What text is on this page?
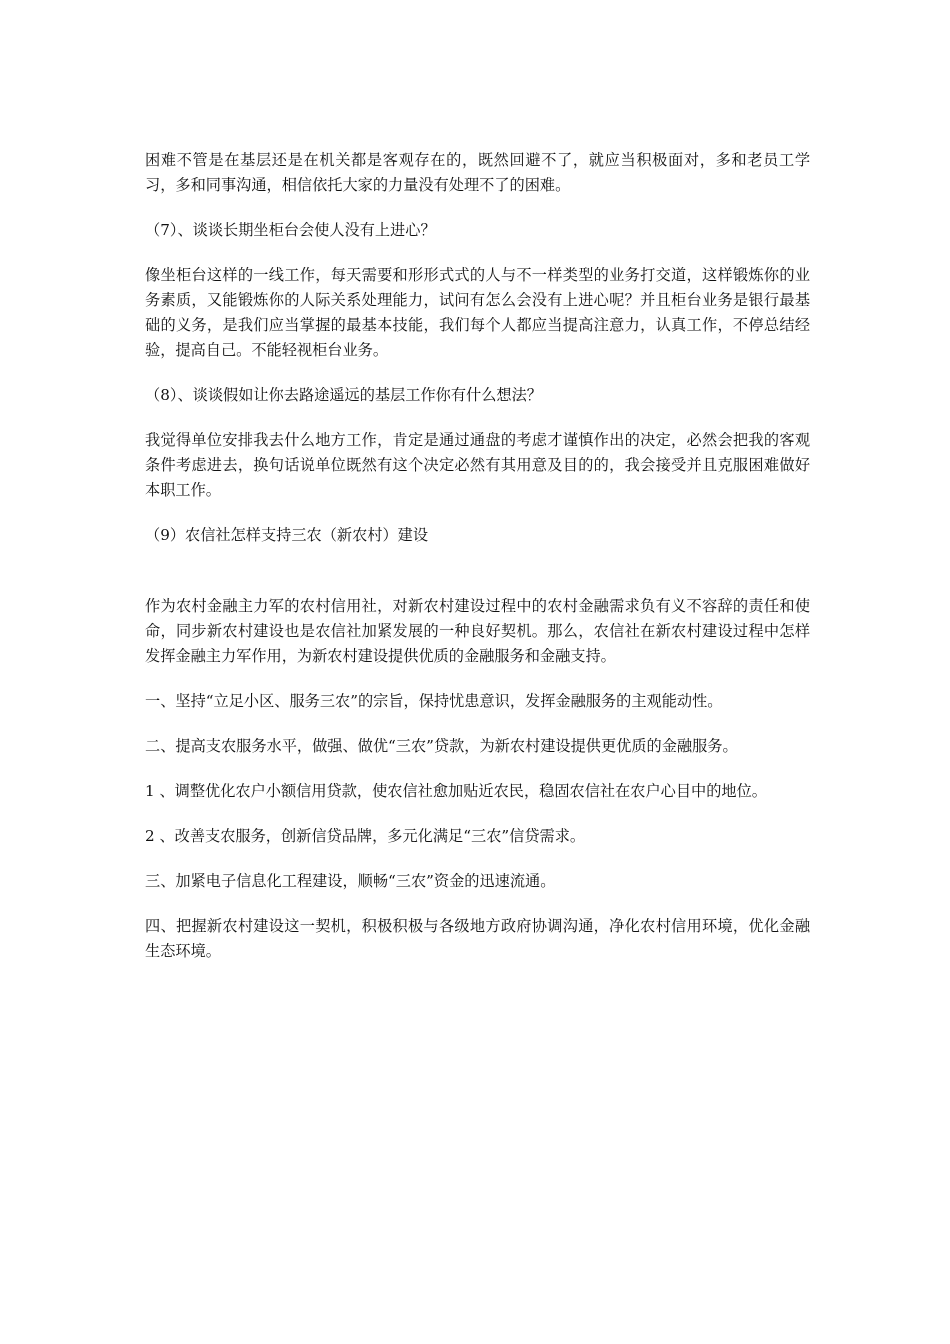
困难不管是在基层还是在机关都是客观存在的，既然回避不了，就应当积极面对，多和老员工学习，多和同事沟通，相信依托大家的力量没有处理不了的困难。

（7）、谈谈长期坐柜台会使人没有上进心？

像坐柜台这样的一线工作，每天需要和形形式式的人与不一样类型的业务打交道，这样锻炼你的业务素质，又能锻炼你的人际关系处理能力，试问有怎么会没有上进心呢？并且柜台业务是银行最基础的义务，是我们应当掌握的最基本技能，我们每个人都应当提高注意力，认真工作，不停总结经验，提高自己。不能轻视柜台业务。

（8）、谈谈假如让你去路途遥远的基层工作你有什么想法？

我觉得单位安排我去什么地方工作，肯定是通过通盘的考虑才谨慎作出的决定，必然会把我的客观条件考虑进去，换句话说单位既然有这个决定必然有其用意及目的的，我会接受并且克服困难做好本职工作。

（9）农信社怎样支持三农（新农村）建设

作为农村金融主力军的农村信用社，对新农村建设过程中的农村金融需求负有义不容辞的责任和使命，同步新农村建设也是农信社加紧发展的一种良好契机。那么，农信社在新农村建设过程中怎样发挥金融主力军作用，为新农村建设提供优质的金融服务和金融支持。

一、坚持“立足小区、服务三农”的宗旨，保持忧患意识，发挥金融服务的主观能动性。

二、提高支农服务水平，做强、做优“三农”贷款，为新农村建设提供更优质的金融服务。

1 、调整优化农户小额信用贷款，使农信社愈加贴近农民，稳固农信社在农户心目中的地位。

2 、改善支农服务，创新信贷品牌，多元化满足“三农”信贷需求。

三、加紧电子信息化工程建设，顺畅“三农”资金的迅速流通。

四、把握新农村建设这一契机，积极积极与各级地方政府协调沟通，净化农村信用环境，优化金融生态环境。
